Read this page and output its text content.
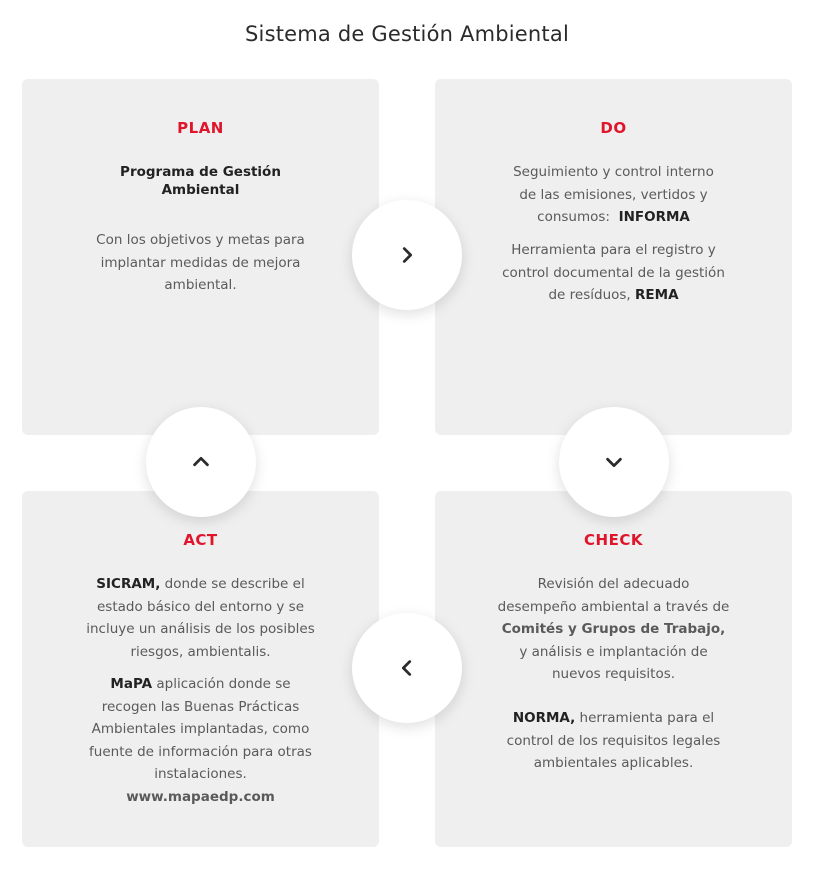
Sistema de Gestión Ambiental
PLAN
Programa de Gestión
Ambiental

Con los objetivos y metas para

implantar medidas de mejora

ambiental.

DO

Seguimiento y control interno

de las emisiones, vertidos y

consumos: INFORMA

Herramienta para el registro y

control documental de la gestión

de resíduos, REMA

ACT

SICRAM, donde se describe el

estado básico del entorno y se

incluye un análisis de los posibles

riesgos, ambientalis.

MaPA aplicación donde se

recogen las Buenas Prácticas

Ambientales implantadas, como

fuente de información para otras

instalaciones.

www.mapaedp.com

CHECK

Revisión del adecuado

desempeño ambiental a través de

Comités y Grupos de Trabajo,

y análisis e implantación de

nuevos requisitos.

NORMA, herramienta para el

control de los requisitos legales

ambientales aplicables.
